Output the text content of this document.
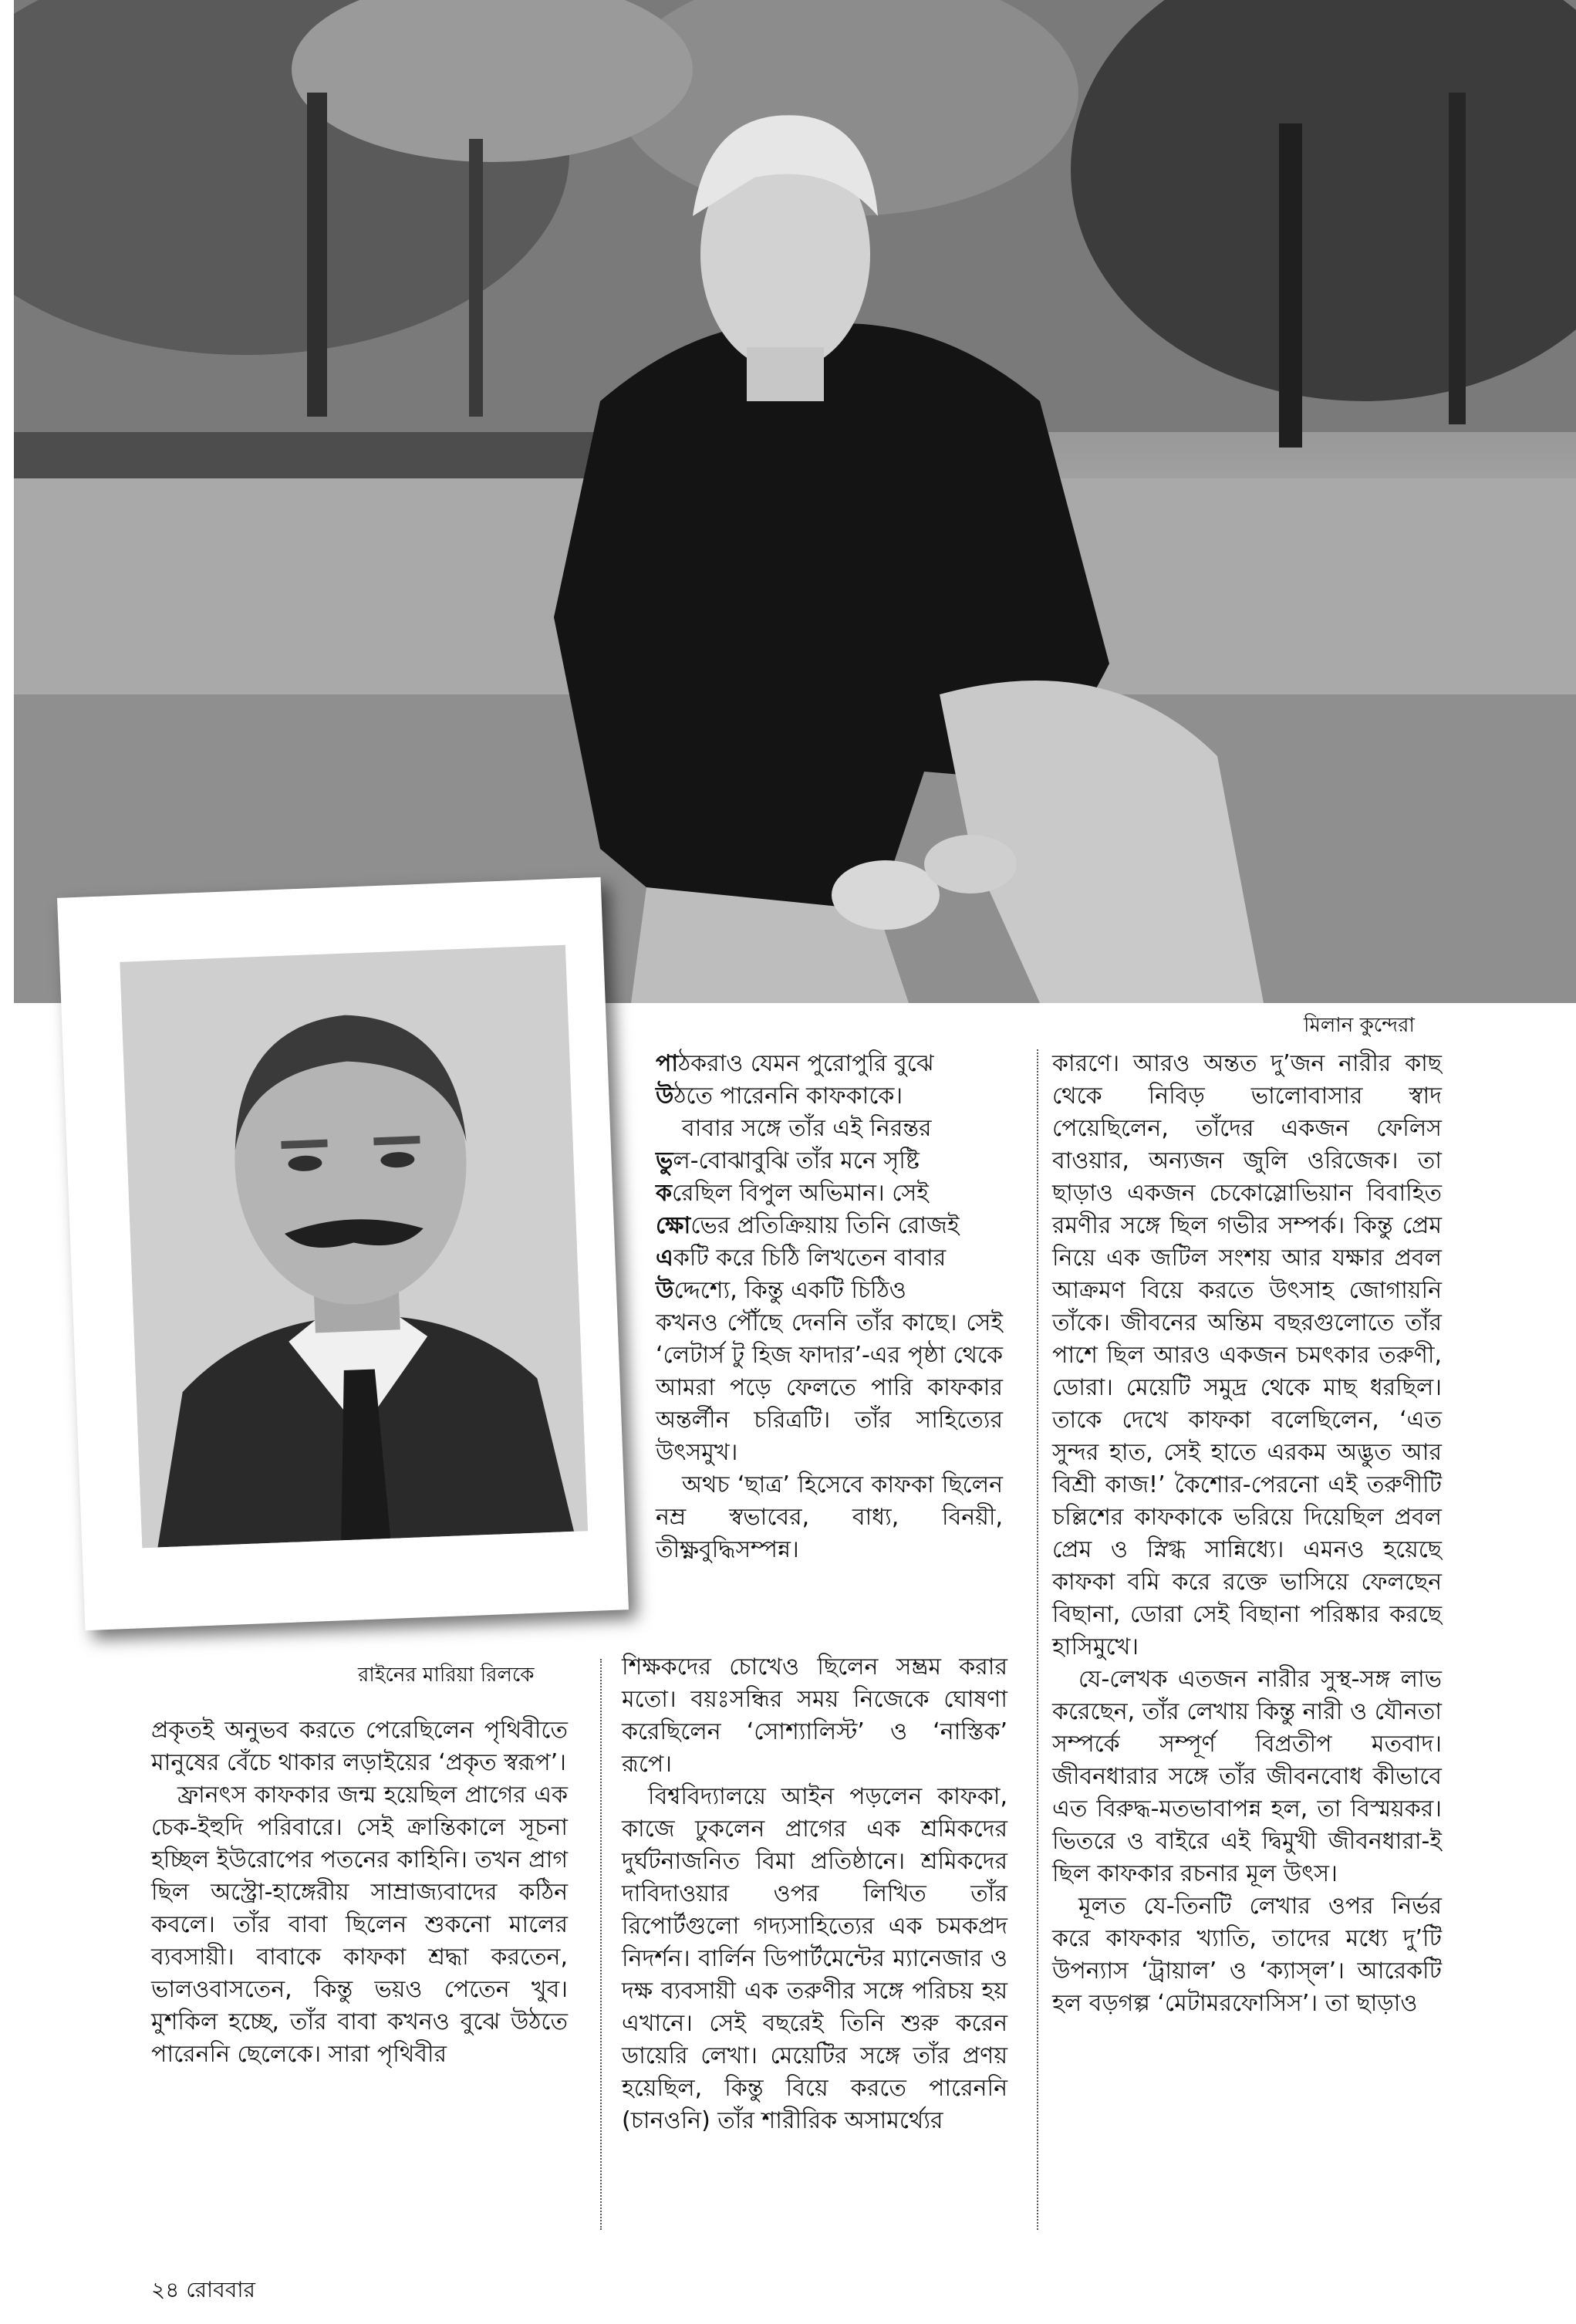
মিলান কুন্দেরা
রাইনের মারিয়া রিলকে

প্রকৃতই অনুভব করতে পেরেছিলেন পৃথিবীতে মানুষের বেঁচে থাকার লড়াইয়ের ‘প্রকৃত স্বরূপ’।

ফ্রানৎস কাফকার জন্ম হয়েছিল প্রাগের এক চেক-ইহুদি পরিবারে। সেই ক্রান্তিকালে সূচনা হচ্ছিল ইউরোপের পতনের কাহিনি। তখন প্রাগ ছিল অস্ট্রো-হাঙ্গেরীয় সাম্রাজ্যবাদের কঠিন কবলে। তাঁর বাবা ছিলেন শুকনো মালের ব্যবসায়ী। বাবাকে কাফকা শ্রদ্ধা করতেন, ভালওবাসতেন, কিন্তু ভয়ও পেতেন খুব। মুশকিল হচ্ছে, তাঁর বাবা কখনও বুঝে উঠতে পারেননি ছেলেকে। সারা পৃথিবীর

পাঠকরাও যেমন পুরোপুরি বুঝে

উঠতে পারেননি কাফকাকে।

বাবার সঙ্গে তাঁর এই নিরন্তর

ভুল-বোঝাবুঝি তাঁর মনে সৃষ্টি

করেছিল বিপুল অভিমান। সেই

ক্ষোভের প্রতিক্রিয়ায় তিনি রোজই

একটি করে চিঠি লিখতেন বাবার

উদ্দেশ্যে, কিন্তু একটি চিঠিও

কখনও পৌঁছে দেননি তাঁর কাছে। সেই ‘লেটার্স টু হিজ ফাদার’-এর পৃষ্ঠা থেকে আমরা পড়ে ফেলতে পারি কাফকার অন্তর্লীন চরিত্রটি। তাঁর সাহিত্যের উৎসমুখ।

অথচ ‘ছাত্র’ হিসেবে কাফকা ছিলেন নম্র স্বভাবের, বাধ্য, বিনয়ী, তীক্ষ্ণবুদ্ধিসম্পন্ন।

শিক্ষকদের চোখেও ছিলেন সম্ভ্রম করার মতো। বয়ঃসন্ধির সময় নিজেকে ঘোষণা করেছিলেন ‘সোশ্যালিস্ট’ ও ‘নাস্তিক’ রূপে।

বিশ্ববিদ্যালয়ে আইন পড়লেন কাফকা, কাজে ঢুকলেন প্রাগের এক শ্রমিকদের দুর্ঘটনাজনিত বিমা প্রতিষ্ঠানে। শ্রমিকদের দাবিদাওয়ার ওপর লিখিত তাঁর রিপোর্টগুলো গদ্যসাহিত্যের এক চমকপ্রদ নিদর্শন। বার্লিন ডিপার্টমেন্টের ম্যানেজার ও দক্ষ ব্যবসায়ী এক তরুণীর সঙ্গে পরিচয় হয় এখানে। সেই বছরেই তিনি শুরু করেন ডায়েরি লেখা। মেয়েটির সঙ্গে তাঁর প্রণয় হয়েছিল, কিন্তু বিয়ে করতে পারেননি (চানওনি) তাঁর শারীরিক অসামর্থ্যের

কারণে। আরও অন্তত দু’জন নারীর কাছ থেকে নিবিড় ভালোবাসার স্বাদ পেয়েছিলেন, তাঁদের একজন ফেলিস বাওয়ার, অন্যজন জুলি ওরিজেক। তা ছাড়াও একজন চেকোস্লোভিয়ান বিবাহিত রমণীর সঙ্গে ছিল গভীর সম্পর্ক। কিন্তু প্রেম নিয়ে এক জটিল সংশয় আর যক্ষার প্রবল আক্রমণ বিয়ে করতে উৎসাহ জোগায়নি তাঁকে। জীবনের অন্তিম বছরগুলোতে তাঁর পাশে ছিল আরও একজন চমৎকার তরুণী, ডোরা। মেয়েটি সমুদ্র থেকে মাছ ধরছিল। তাকে দেখে কাফকা বলেছিলেন, ‘এত সুন্দর হাত, সেই হাতে এরকম অদ্ভুত আর বিশ্রী কাজ!’ কৈশোর-পেরনো এই তরুণীটি চল্লিশের কাফকাকে ভরিয়ে দিয়েছিল প্রবল প্রেম ও স্নিগ্ধ সান্নিধ্যে। এমনও হয়েছে কাফকা বমি করে রক্তে ভাসিয়ে ফেলছেন বিছানা, ডোরা সেই বিছানা পরিষ্কার করছে হাসিমুখে।

যে-লেখক এতজন নারীর সুস্থ-সঙ্গ লাভ করেছেন, তাঁর লেখায় কিন্তু নারী ও যৌনতা সম্পর্কে সম্পূর্ণ বিপ্রতীপ মতবাদ। জীবনধারার সঙ্গে তাঁর জীবনবোধ কীভাবে এত বিরুদ্ধ-মতভাবাপন্ন হল, তা বিস্ময়কর। ভিতরে ও বাইরে এই দ্বিমুখী জীবনধারা-ই ছিল কাফকার রচনার মূল উৎস।

মূলত যে-তিনটি লেখার ওপর নির্ভর করে কাফকার খ্যাতি, তাদের মধ্যে দু’টি উপন্যাস ‘ট্রায়াল’ ও ‘ক্যাস্‌ল’। আরেকটি হল বড়গল্প ‘মেটামরফোসিস’। তা ছাড়াও

২৪ রোববার
